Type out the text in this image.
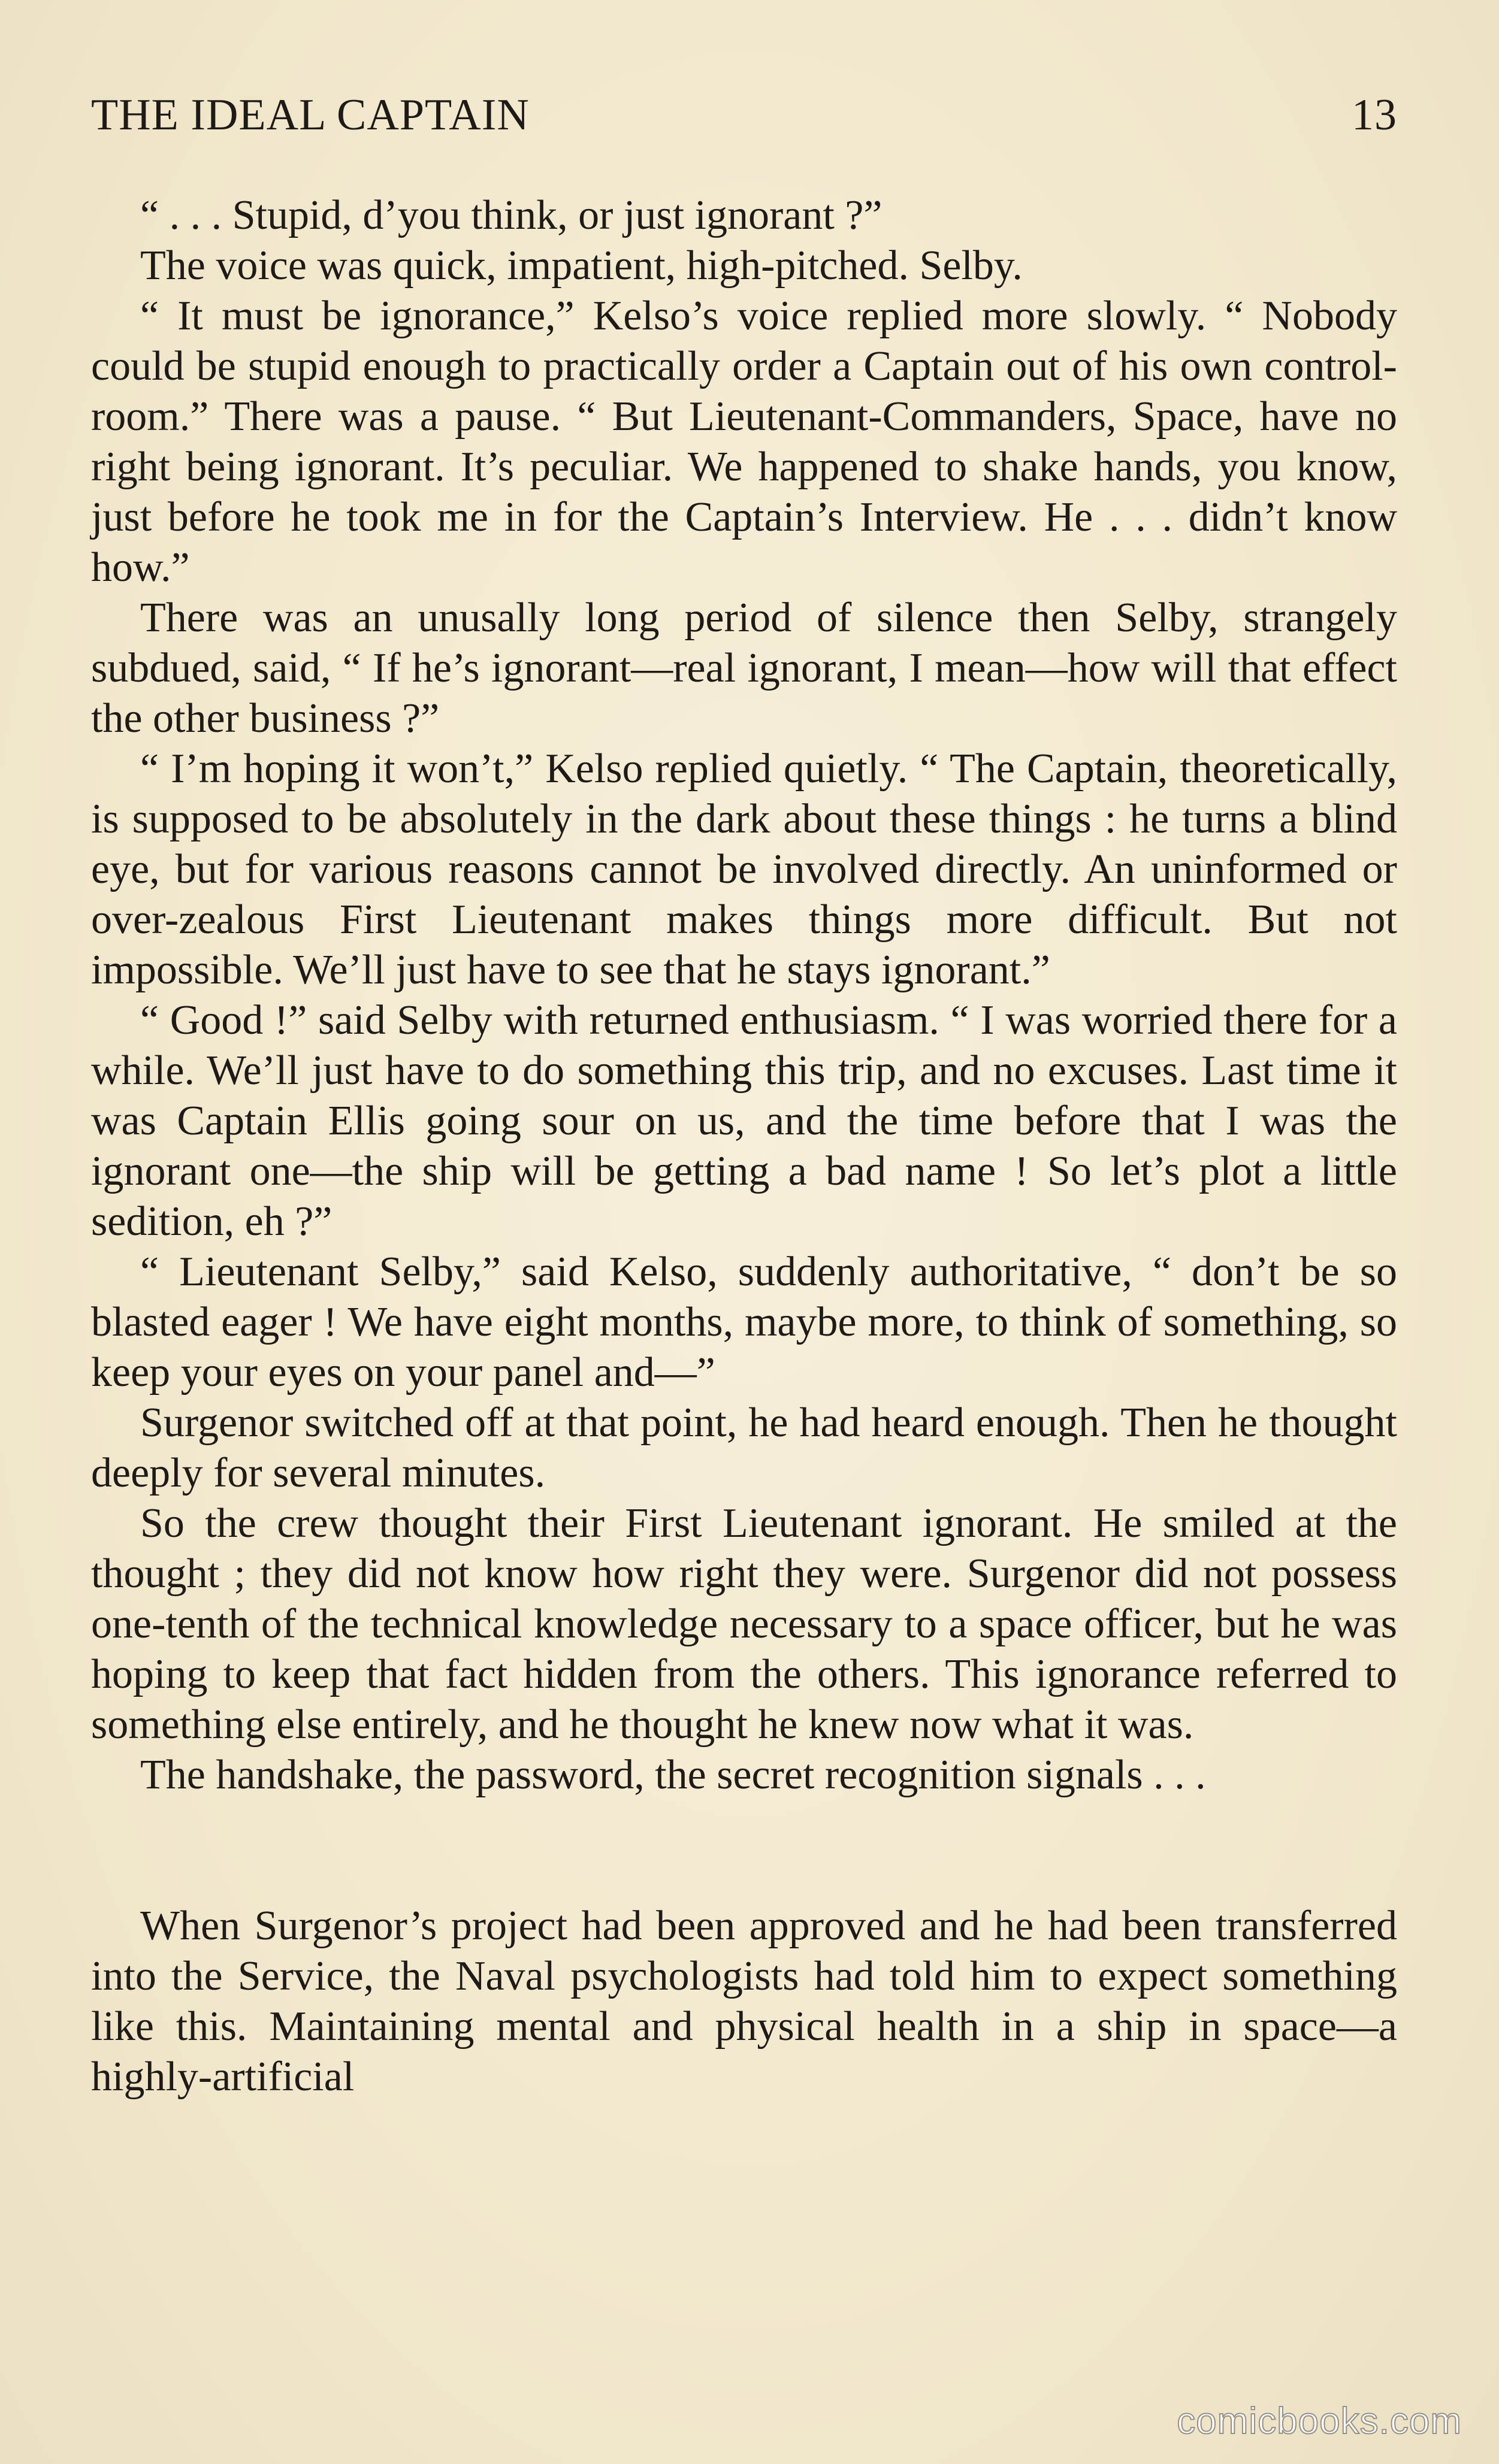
THE IDEAL CAPTAIN	13

“ . . . Stupid, d’you think, or just ignorant ?”

The voice was quick, impatient, high-pitched. Selby.

“ It must be ignorance,” Kelso’s voice replied more slowly. “ Nobody could be stupid enough to practically order a Captain out of his own control-room.” There was a pause. “ But Lieutenant-Commanders, Space, have no right being ignorant. It’s peculiar. We happened to shake hands, you know, just before he took me in for the Captain’s Interview. He . . . didn’t know how.”

There was an unusally long period of silence then Selby, strangely subdued, said, “ If he’s ignorant—real ignorant, I mean—how will that effect the other business ?”

“ I’m hoping it won’t,” Kelso replied quietly. “ The Captain, theoretically, is supposed to be absolutely in the dark about these things : he turns a blind eye, but for various reasons cannot be involved directly. An uninformed or over-zealous First Lieutenant makes things more difficult. But not impossible. We’ll just have to see that he stays ignorant.”

“ Good !” said Selby with returned enthusiasm. “ I was worried there for a while. We’ll just have to do something this trip, and no excuses. Last time it was Captain Ellis going sour on us, and the time before that I was the ignorant one—the ship will be getting a bad name ! So let’s plot a little sedition, eh ?”

“ Lieutenant Selby,” said Kelso, suddenly authoritative, “ don’t be so blasted eager ! We have eight months, maybe more, to think of something, so keep your eyes on your panel and—”

Surgenor switched off at that point, he had heard enough. Then he thought deeply for several minutes.

So the crew thought their First Lieutenant ignorant. He smiled at the thought ; they did not know how right they were. Surgenor did not possess one-tenth of the technical knowledge necessary to a space officer, but he was hoping to keep that fact hidden from the others. This ignorance referred to something else entirely, and he thought he knew now what it was.

The handshake, the password, the secret recognition signals . . .

When Surgenor’s project had been approved and he had been transferred into the Service, the Naval psychologists had told him to expect something like this. Maintaining mental and physical health in a ship in space—a highly-artificial

comicbooks.com
